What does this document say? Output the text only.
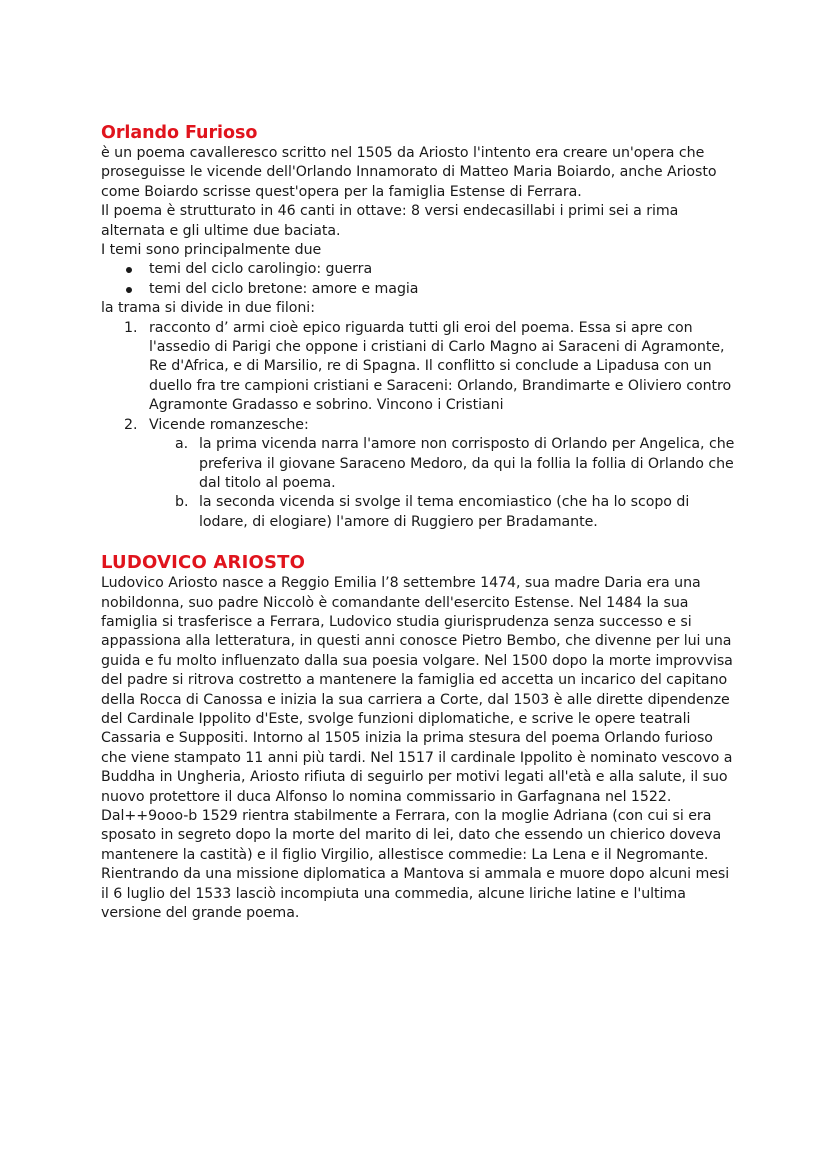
Orlando Furioso

è un poema cavalleresco scritto nel 1505 da Ariosto l'intento era creare un'opera che proseguisse le vicende dell'Orlando Innamorato di Matteo Maria Boiardo, anche Ariosto come Boiardo scrisse quest'opera per la famiglia Estense di Ferrara.

Il poema è strutturato in 46 canti in ottave: 8 versi endecasillabi i primi sei a rima alternata e gli ultime due baciata.

I temi sono principalmente due

temi del ciclo carolingio: guerra
temi del ciclo bretone: amore e magia

la trama si divide in due filoni:

1. racconto d’ armi cioè epico riguarda tutti gli eroi del poema. Essa si apre con l'assedio di Parigi che oppone i cristiani di Carlo Magno ai Saraceni di Agramonte, Re d'Africa, e di Marsilio, re di Spagna. Il conflitto si conclude a Lipadusa con un duello fra tre campioni cristiani e Saraceni: Orlando, Brandimarte e Oliviero contro Agramonte Gradasso e sobrino. Vincono i Cristiani
2. Vicende romanzesche:
a. la prima vicenda narra l'amore non corrisposto di Orlando per Angelica, che preferiva il giovane Saraceno Medoro, da qui la follia la follia di Orlando che dal titolo al poema.
b. la seconda vicenda si svolge il tema encomiastico (che ha lo scopo di lodare, di elogiare) l'amore di Ruggiero per Bradamante.
LUDOVICO ARIOSTO

Ludovico Ariosto nasce a Reggio Emilia l’8 settembre 1474, sua madre Daria era una nobildonna, suo padre Niccolò è comandante dell'esercito Estense. Nel 1484 la sua famiglia si trasferisce a Ferrara, Ludovico studia giurisprudenza senza successo e si appassiona alla letteratura, in questi anni conosce Pietro Bembo, che divenne per lui una guida e fu molto influenzato dalla sua poesia volgare. Nel 1500 dopo la morte improvvisa del padre si ritrova costretto a mantenere la famiglia ed accetta un incarico del capitano della Rocca di Canossa e inizia la sua carriera a Corte, dal 1503 è alle dirette dipendenze del Cardinale Ippolito d'Este, svolge funzioni diplomatiche, e scrive le opere teatrali Cassaria e Suppositi. Intorno al 1505 inizia la prima stesura del poema Orlando furioso che viene stampato 11 anni più tardi. Nel 1517 il cardinale Ippolito è nominato vescovo a Buddha in Ungheria, Ariosto rifiuta di seguirlo per motivi legati all'età e alla salute, il suo nuovo protettore il duca Alfonso lo nomina commissario in Garfagnana nel 1522.

Dal++9ooo-b 1529 rientra stabilmente a Ferrara, con la moglie Adriana (con cui si era sposato in segreto dopo la morte del marito di lei, dato che essendo un chierico doveva mantenere la castità) e il figlio Virgilio, allestisce commedie: La Lena e il Negromante. Rientrando da una missione diplomatica a Mantova si ammala e muore dopo alcuni mesi il 6 luglio del 1533 lasciò incompiuta una commedia, alcune liriche latine e l'ultima versione del grande poema.
